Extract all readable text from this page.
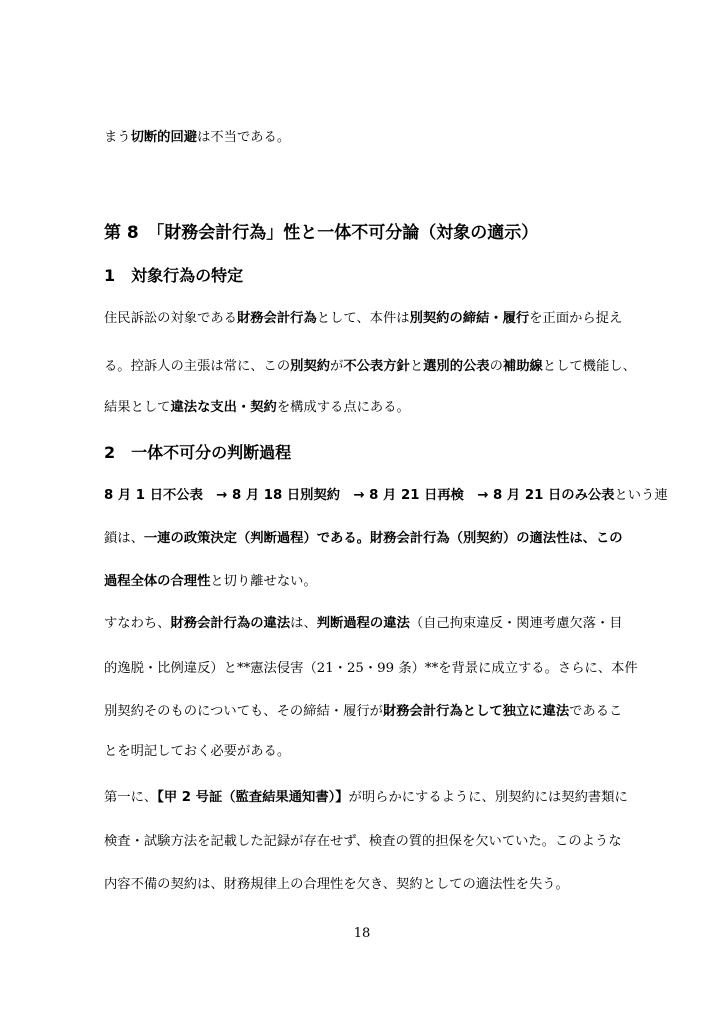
まう切断的回避は不当である。
第 8　「財務会計行為」性と一体不可分論（対象の適示）
1　対象行為の特定
住民訴訟の対象である財務会計行為として、本件は別契約の締結・履行を正面から捉え
る。控訴人の主張は常に、この別契約が不公表方針と選別的公表の補助線として機能し、
結果として違法な支出・契約を構成する点にある。
2　一体不可分の判断過程
8 月 1 日不公表　→ 8 月 18 日別契約　→ 8 月 21 日再検　→ 8 月 21 日のみ公表という連
鎖は、一連の政策決定（判断過程）である。財務会計行為（別契約）の適法性は、この
過程全体の合理性と切り離せない。
すなわち、財務会計行為の違法は、判断過程の違法（自己拘束違反・関連考慮欠落・目
的逸脱・比例違反）と**憲法侵害（21・25・99 条）**を背景に成立する。さらに、本件
別契約そのものについても、その締結・履行が財務会計行為として独立に違法であるこ
とを明記しておく必要がある。
第一に、【甲 2 号証（監査結果通知書）】が明らかにするように、別契約には契約書類に
検査・試験方法を記載した記録が存在せず、検査の質的担保を欠いていた。このような
内容不備の契約は、財務規律上の合理性を欠き、契約としての適法性を失う。
18
